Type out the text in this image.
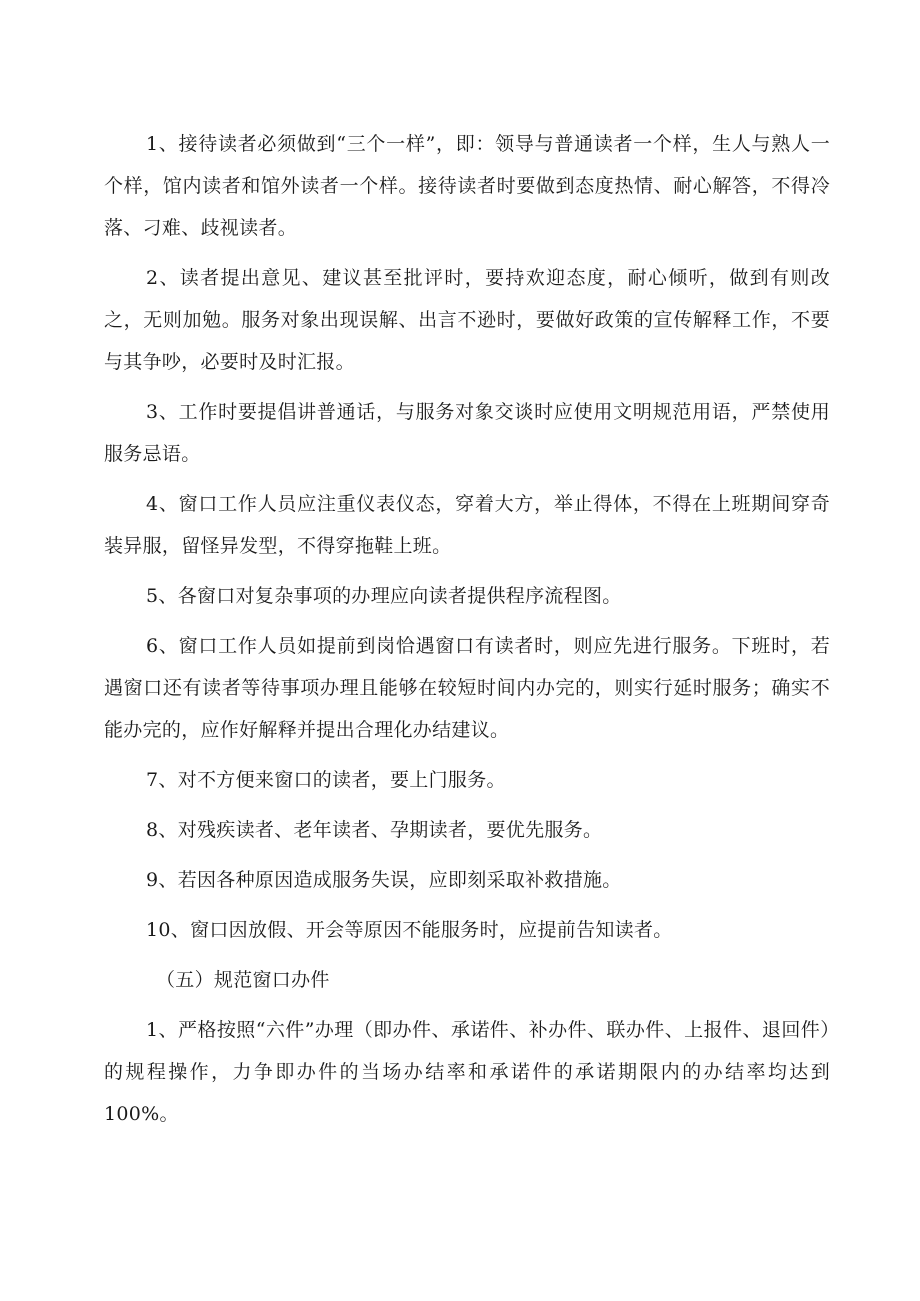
1、接待读者必须做到“三个一样”，即：领导与普通读者一个样，生人与熟人一个样，馆内读者和馆外读者一个样。接待读者时要做到态度热情、耐心解答，不得冷落、刁难、歧视读者。

2、读者提出意见、建议甚至批评时，要持欢迎态度，耐心倾听，做到有则改之，无则加勉。服务对象出现误解、出言不逊时，要做好政策的宣传解释工作，不要与其争吵，必要时及时汇报。

3、工作时要提倡讲普通话，与服务对象交谈时应使用文明规范用语，严禁使用服务忌语。

4、窗口工作人员应注重仪表仪态，穿着大方，举止得体，不得在上班期间穿奇装异服，留怪异发型，不得穿拖鞋上班。

5、各窗口对复杂事项的办理应向读者提供程序流程图。

6、窗口工作人员如提前到岗恰遇窗口有读者时，则应先进行服务。下班时，若遇窗口还有读者等待事项办理且能够在较短时间内办完的，则实行延时服务；确实不能办完的，应作好解释并提出合理化办结建议。

7、对不方便来窗口的读者，要上门服务。

8、对残疾读者、老年读者、孕期读者，要优先服务。

9、若因各种原因造成服务失误，应即刻采取补救措施。

10、窗口因放假、开会等原因不能服务时，应提前告知读者。

（五）规范窗口办件

1、严格按照“六件”办理（即办件、承诺件、补办件、联办件、上报件、退回件）的规程操作，力争即办件的当场办结率和承诺件的承诺期限内的办结率均达到100%。
